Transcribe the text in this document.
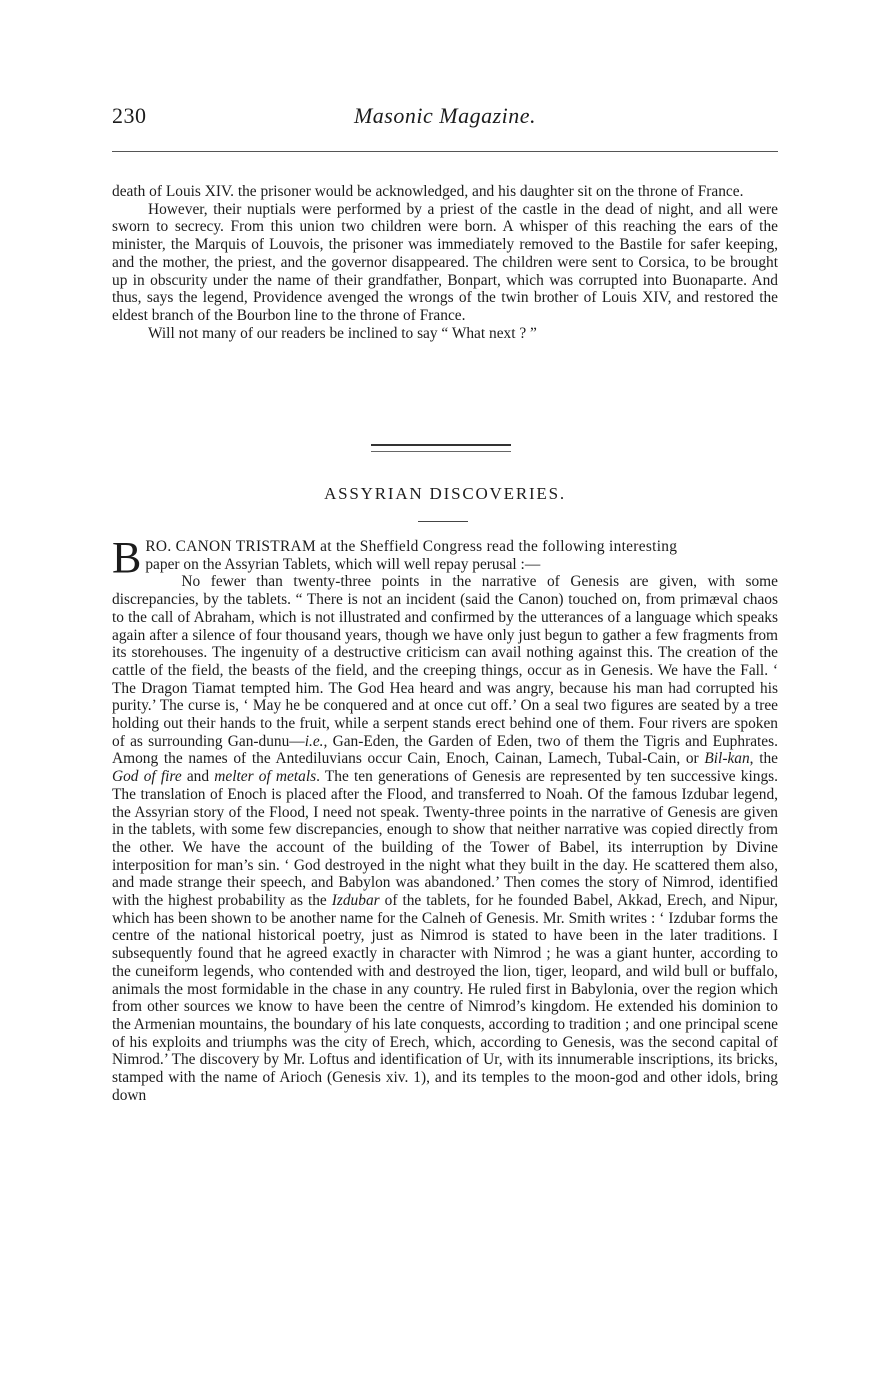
230	Masonic Magazine.

death of Louis XIV. the prisoner would be acknowledged, and his daughter sit on the throne of France.

However, their nuptials were performed by a priest of the castle in the dead of night, and all were sworn to secrecy. From this union two children were born. A whisper of this reaching the ears of the minister, the Marquis of Louvois, the prisoner was immediately removed to the Bastile for safer keeping, and the mother, the priest, and the governor disappeared. The children were sent to Corsica, to be brought up in obscurity under the name of their grandfather, Bonpart, which was corrupted into Buonaparte. And thus, says the legend, Providence avenged the wrongs of the twin brother of Louis XIV, and restored the eldest branch of the Bourbon line to the throne of France.

Will not many of our readers be inclined to say “ What next ? ”

ASSYRIAN DISCOVERIES.

BRO. CANON TRISTRAM at the Sheffield Congress read the following interesting

paper on the Assyrian Tablets, which will well repay perusal :—

No fewer than twenty-three points in the narrative of Genesis are given, with some discrepancies, by the tablets. “ There is not an incident (said the Canon) touched on, from primæval chaos to the call of Abraham, which is not illustrated and confirmed by the utterances of a language which speaks again after a silence of four thousand years, though we have only just begun to gather a few fragments from its storehouses. The ingenuity of a destructive criticism can avail nothing against this. The creation of the cattle of the field, the beasts of the field, and the creeping things, occur as in Genesis. We have the Fall. ‘ The Dragon Tiamat tempted him. The God Hea heard and was angry, because his man had corrupted his purity.’ The curse is, ‘ May he be conquered and at once cut off.’ On a seal two figures are seated by a tree holding out their hands to the fruit, while a serpent stands erect behind one of them. Four rivers are spoken of as surrounding Gan-dunu—i.e., Gan-Eden, the Garden of Eden, two of them the Tigris and Euphrates. Among the names of the Antediluvians occur Cain, Enoch, Cainan, Lamech, Tubal-Cain, or Bil-kan, the God of fire and melter of metals. The ten generations of Genesis are represented by ten successive kings. The translation of Enoch is placed after the Flood, and transferred to Noah. Of the famous Izdubar legend, the Assyrian story of the Flood, I need not speak. Twenty-three points in the narrative of Genesis are given in the tablets, with some few discrepancies, enough to show that neither narrative was copied directly from the other. We have the account of the building of the Tower of Babel, its interruption by Divine interposition for man’s sin. ‘ God destroyed in the night what they built in the day. He scattered them also, and made strange their speech, and Babylon was abandoned.’ Then comes the story of Nimrod, identified with the highest probability as the Izdubar of the tablets, for he founded Babel, Akkad, Erech, and Nipur, which has been shown to be another name for the Calneh of Genesis. Mr. Smith writes : ‘ Izdubar forms the centre of the national historical poetry, just as Nimrod is stated to have been in the later traditions. I subsequently found that he agreed exactly in character with Nimrod ; he was a giant hunter, according to the cuneiform legends, who contended with and destroyed the lion, tiger, leopard, and wild bull or buffalo, animals the most formidable in the chase in any country. He ruled first in Babylonia, over the region which from other sources we know to have been the centre of Nimrod’s kingdom. He extended his dominion to the Armenian mountains, the boundary of his late conquests, according to tradition ; and one principal scene of his exploits and triumphs was the city of Erech, which, according to Genesis, was the second capital of Nimrod.’ The discovery by Mr. Loftus and identification of Ur, with its innumerable inscriptions, its bricks, stamped with the name of Arioch (Genesis xiv. 1), and its temples to the moon-god and other idols, bring down
